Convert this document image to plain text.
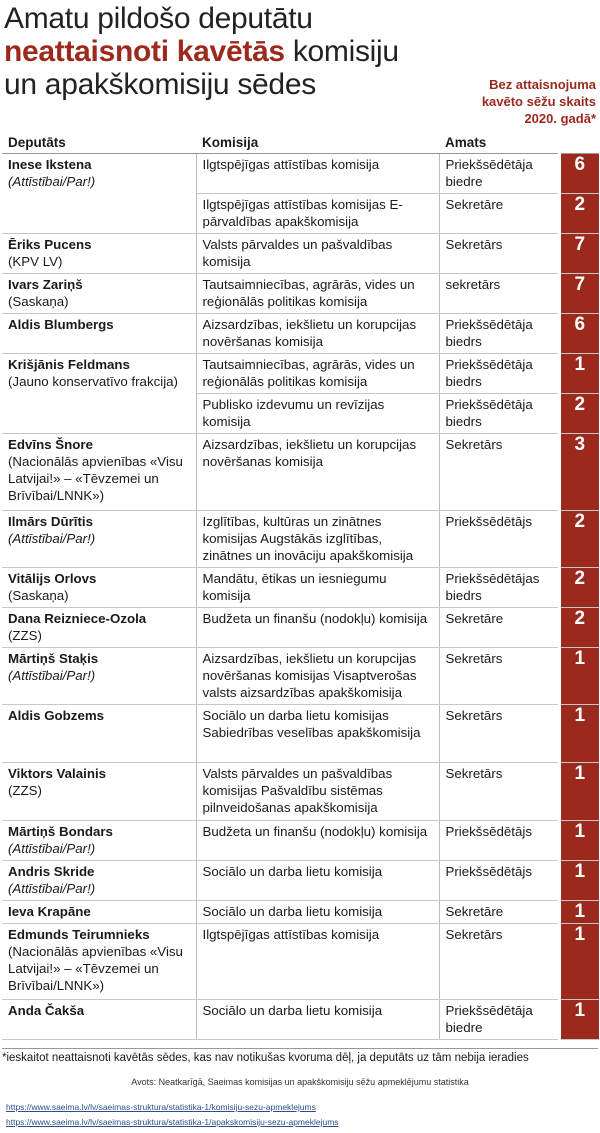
Amatu pildošo deputātu
neattaisnoti kavētās komisiju
un apakškomisiju sēdes	Bez attaisnojuma
kavēto sēžu skaits
2020. gadā*
Deputāts	Komisija	Amats	
Inese Ikstena
(Attīstībai/Par!)	Ilgtspējīgas attīstības komisija	Priekšsēdētāja biedre	6

	Ilgtspējīgas attīstības komisijas E-pārvaldības apakškomisija	Sekretāre	2
Ēriks Pucens
(KPV LV)	Valsts pārvaldes un pašvaldības komisija	Sekretārs	7
Ivars Zariņš
(Saskaņa)	Tautsaimniecības, agrārās, vides un reģionālās politikas komisija	sekretārs	7
Aldis Blumbergs	Aizsardzības, iekšlietu un korupcijas novēršanas komisija	Priekšsēdētāja biedrs	6
Krišjānis Feldmans
(Jauno konservatīvo frakcija)	Tautsaimniecības, agrārās, vides un reģionālās politikas komisija	Priekšsēdētāja biedrs	1

	Publisko izdevumu un revīzijas komisija	Priekšsēdētāja biedrs	2
Edvīns Šnore
(Nacionālās apvienības «Visu Latvijai!» – «Tēvzemei un Brīvībai/LNNK»)	Aizsardzības, iekšlietu un korupcijas novēršanas komisija	Sekretārs	3
Ilmārs Dūrītis
(Attīstībai/Par!)	Izglītības, kultūras un zinātnes komisijas Augstākās izglītības, zinātnes un inovāciju apakškomisija	Priekšsēdētājs	2
Vitālijs Orlovs
(Saskaņa)	Mandātu, ētikas un iesniegumu komisija	Priekšsēdētājas biedrs	2
Dana Reizniece-Ozola
(ZZS)	Budžeta un finanšu (nodokļu) komisija	Sekretāre	2
Mārtiņš Staķis
(Attīstībai/Par!)	Aizsardzības, iekšlietu un korupcijas novēršanas komisijas Visaptverošas valsts aizsardzības apakškomisija	Sekretārs	1
Aldis Gobzems	Sociālo un darba lietu komisijas Sabiedrības veselības apakškomisija	Sekretārs	1
Viktors Valainis
(ZZS)	Valsts pārvaldes un pašvaldības komisijas Pašvaldību sistēmas pilnveidošanas apakškomisija	Sekretārs	1
Mārtiņš Bondars
(Attīstībai/Par!)	Budžeta un finanšu (nodokļu) komisija	Priekšsēdētājs	1
Andris Skride
(Attīstībai/Par!)	Sociālo un darba lietu komisija	Priekšsēdētājs	1
Ieva Krapāne	Sociālo un darba lietu komisija	Sekretāre	1
Edmunds Teirumnieks
(Nacionālās apvienības «Visu Latvijai!» – «Tēvzemei un Brīvībai/LNNK»)	Ilgtspējīgas attīstības komisija	Sekretārs	1
Anda Čakša	Sociālo un darba lietu komisija	Priekšsēdētāja biedre	1
*ieskaitot neattaisnoti kavētās sēdes, kas nav notikušas kvoruma dēļ, ja deputāts uz tām nebija ieradies
Avots: Neatkarīgā, Saeimas komisijas un apakškomisiju sēžu apmeklējumu statistika
https://www.saeima.lv/lv/saeimas-struktura/statistika-1/komisiju-sezu-apmeklejums
https://www.saeima.lv/lv/saeimas-struktura/statistika-1/apakskomisiju-sezu-apmeklejums
